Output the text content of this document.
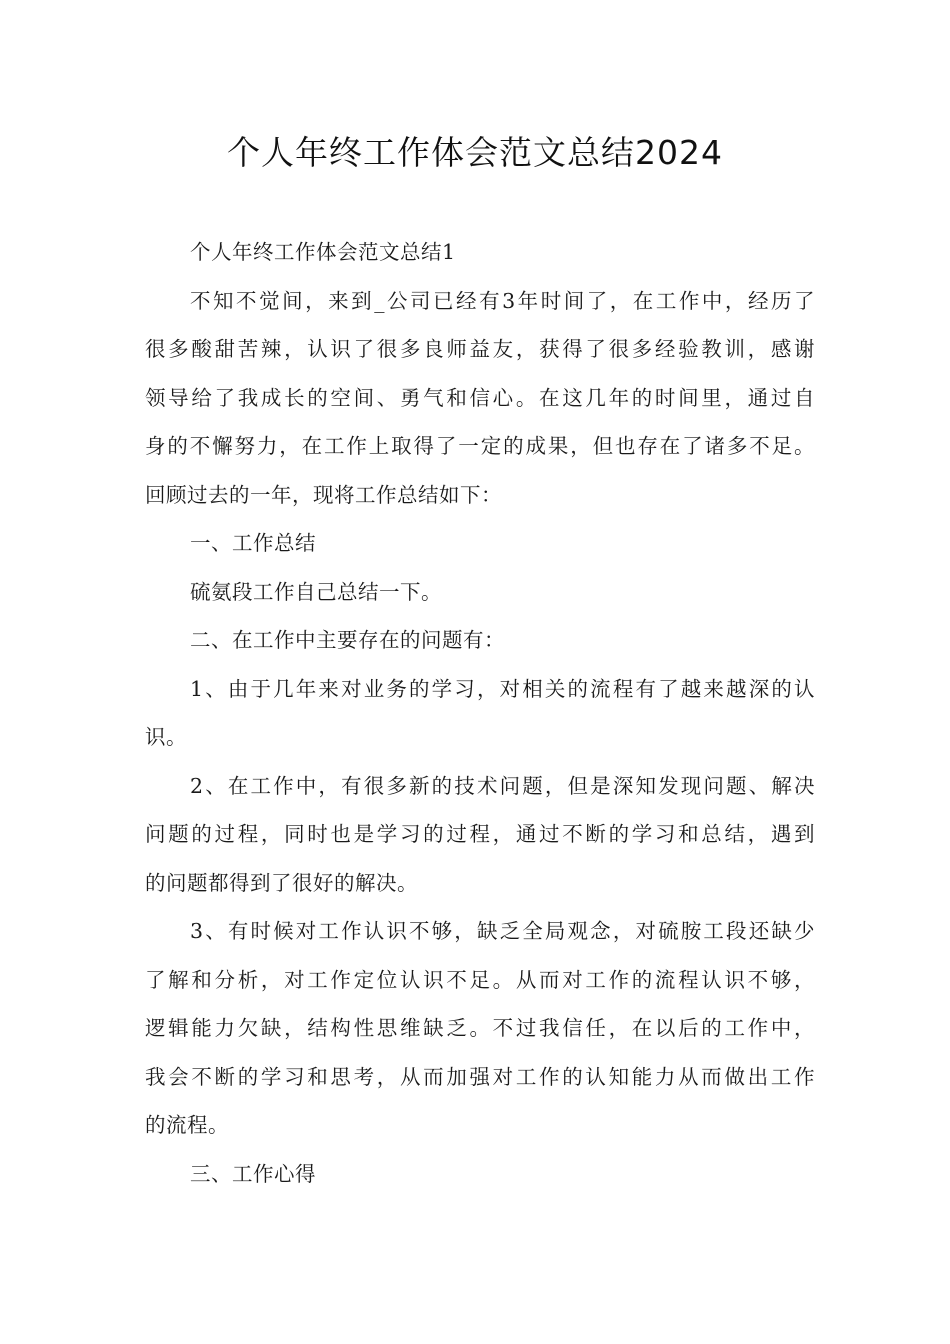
个人年终工作体会范文总结2024
个人年终工作体会范文总结1
不知不觉间，来到_公司已经有3年时间了，在工作中，经历了
很多酸甜苦辣，认识了很多良师益友，获得了很多经验教训，感谢
领导给了我成长的空间、勇气和信心。在这几年的时间里，通过自
身的不懈努力，在工作上取得了一定的成果，但也存在了诸多不足。
回顾过去的一年，现将工作总结如下：
一、工作总结
硫氨段工作自己总结一下。
二、在工作中主要存在的问题有：
1、由于几年来对业务的学习，对相关的流程有了越来越深的认
识。
2、在工作中，有很多新的技术问题，但是深知发现问题、解决
问题的过程，同时也是学习的过程，通过不断的学习和总结，遇到
的问题都得到了很好的解决。
3、有时候对工作认识不够，缺乏全局观念，对硫胺工段还缺少
了解和分析，对工作定位认识不足。从而对工作的流程认识不够，
逻辑能力欠缺，结构性思维缺乏。不过我信任，在以后的工作中，
我会不断的学习和思考，从而加强对工作的认知能力从而做出工作
的流程。
三、工作心得
